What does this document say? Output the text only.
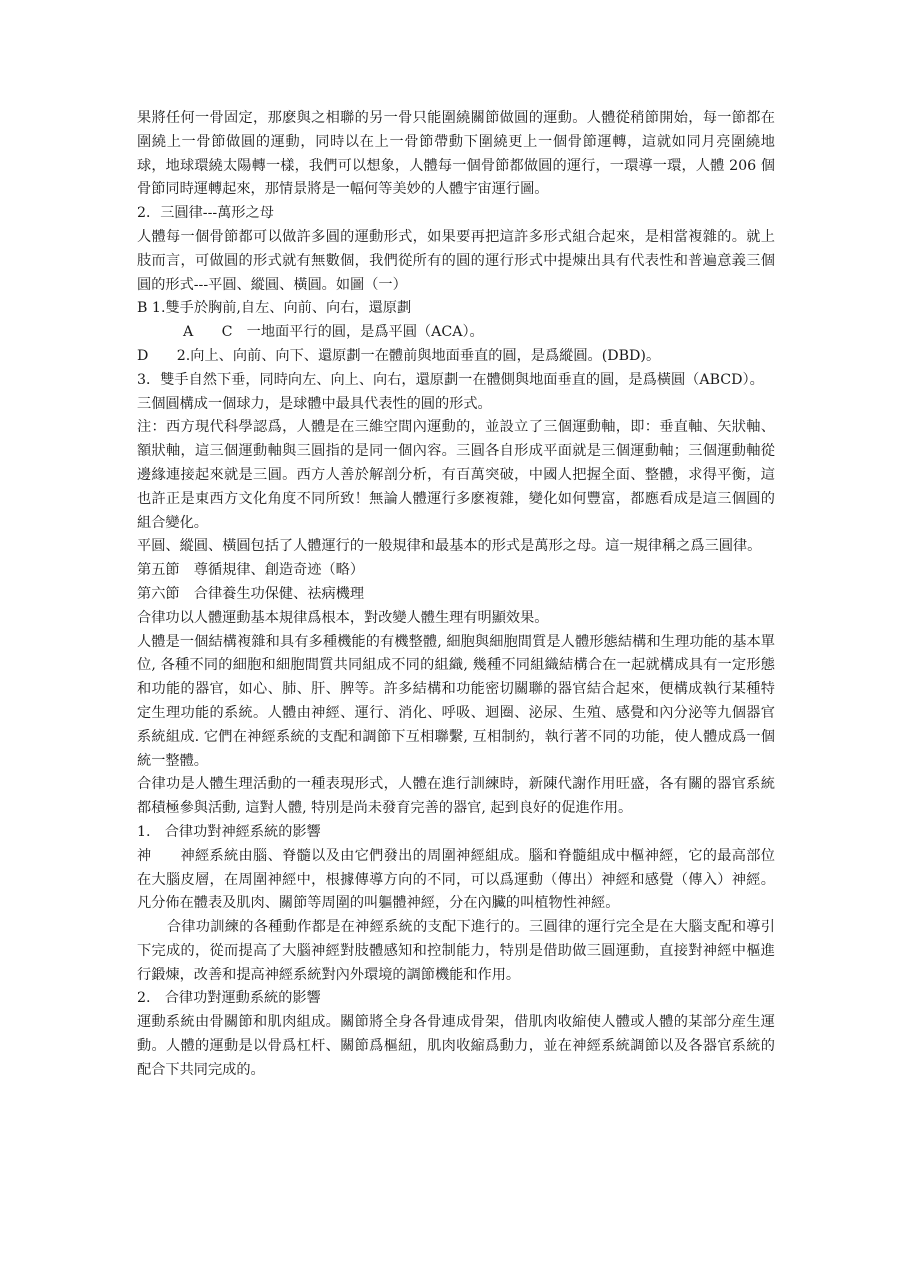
果將任何一骨固定，那麽與之相聯的另一骨只能圍繞關節做圓的運動。人體從稍節開始，每一節都在圍繞上一骨節做圓的運動，同時以在上一骨節帶動下圍繞更上一個骨節運轉，這就如同月亮圍繞地球，地球環繞太陽轉一樣，我們可以想象，人體每一個骨節都做圓的運行，一環導一環，人體 206 個骨節同時運轉起來，那情景將是一幅何等美妙的人體宇宙運行圖。

2．三圓律---萬形之母

人體每一個骨節都可以做許多圓的運動形式，如果要再把這許多形式組合起來，是相當複雜的。就上肢而言，可做圓的形式就有無數個，我們從所有的圓的運行形式中提煉出具有代表性和普遍意義三個圓的形式---平圓、縱圓、橫圓。如圖（一）

B 1.雙手於胸前,自左、向前、向右，還原劃

A　　C　一地面平行的圓，是爲平圓（ACA）。

D　　2.向上、向前、向下、還原劃一在體前與地面垂直的圓，是爲縱圓。(DBD)。

3．雙手自然下垂，同時向左、向上、向右，還原劃一在體側與地面垂直的圓，是爲橫圓（ABCD）。

三個圓構成一個球力，是球體中最具代表性的圓的形式。

注：西方現代科學認爲，人體是在三維空間內運動的，並設立了三個運動軸，即：垂直軸、矢狀軸、額狀軸，這三個運動軸與三圓指的是同一個內容。三圓各自形成平面就是三個運動軸；三個運動軸從邊緣連接起來就是三圓。西方人善於解剖分析，有百萬突破，中國人把握全面、整體，求得平衡，這也許正是東西方文化角度不同所致！無論人體運行多麽複雜，變化如何豐富，都應看成是這三個圓的組合變化。

平圓、縱圓、橫圓包括了人體運行的一般規律和最基本的形式是萬形之母。這一規律稱之爲三圓律。

第五節　尊循規律、創造奇迹（略）

第六節　合律養生功保健、祛病機理

合律功以人體運動基本規律爲根本，對改變人體生理有明顯效果。

人體是一個結構複雜和具有多種機能的有機整體, 細胞與細胞間質是人體形態結構和生理功能的基本單位, 各種不同的細胞和細胞間質共同組成不同的組織, 幾種不同組織結構合在一起就構成具有一定形態和功能的器官，如心、肺、肝、脾等。許多結構和功能密切關聯的器官結合起來，便構成執行某種特定生理功能的系統。人體由神經、運行、消化、呼吸、迴圈、泌尿、生殖、感覺和內分泌等九個器官系統組成. 它們在神經系統的支配和調節下互相聯繫, 互相制約，執行著不同的功能，使人體成爲一個統一整體。

合律功是人體生理活動的一種表現形式，人體在進行訓練時，新陳代謝作用旺盛，各有關的器官系統都積極參與活動, 這對人體, 特別是尚未發育完善的器官, 起到良好的促進作用。

1.　合律功對神經系統的影響

神　　神經系統由腦、脊髓以及由它們發出的周圍神經組成。腦和脊髓組成中樞神經，它的最高部位在大腦皮層，在周圍神經中，根據傳導方向的不同，可以爲運動（傳出）神經和感覺（傳入）神經。凡分佈在體表及肌肉、關節等周圍的叫軀體神經，分在內臟的叫植物性神經。

合律功訓練的各種動作都是在神經系統的支配下進行的。三圓律的運行完全是在大腦支配和導引下完成的，從而提高了大腦神經對肢體感知和控制能力，特別是借助做三圓運動，直接對神經中樞進行鍛煉，改善和提高神經系統對內外環境的調節機能和作用。

2.　合律功對運動系統的影響

運動系統由骨關節和肌肉組成。關節將全身各骨連成骨架，借肌肉收縮使人體或人體的某部分産生運動。人體的運動是以骨爲杠杆、關節爲樞紐，肌肉收縮爲動力，並在神經系統調節以及各器官系統的配合下共同完成的。
